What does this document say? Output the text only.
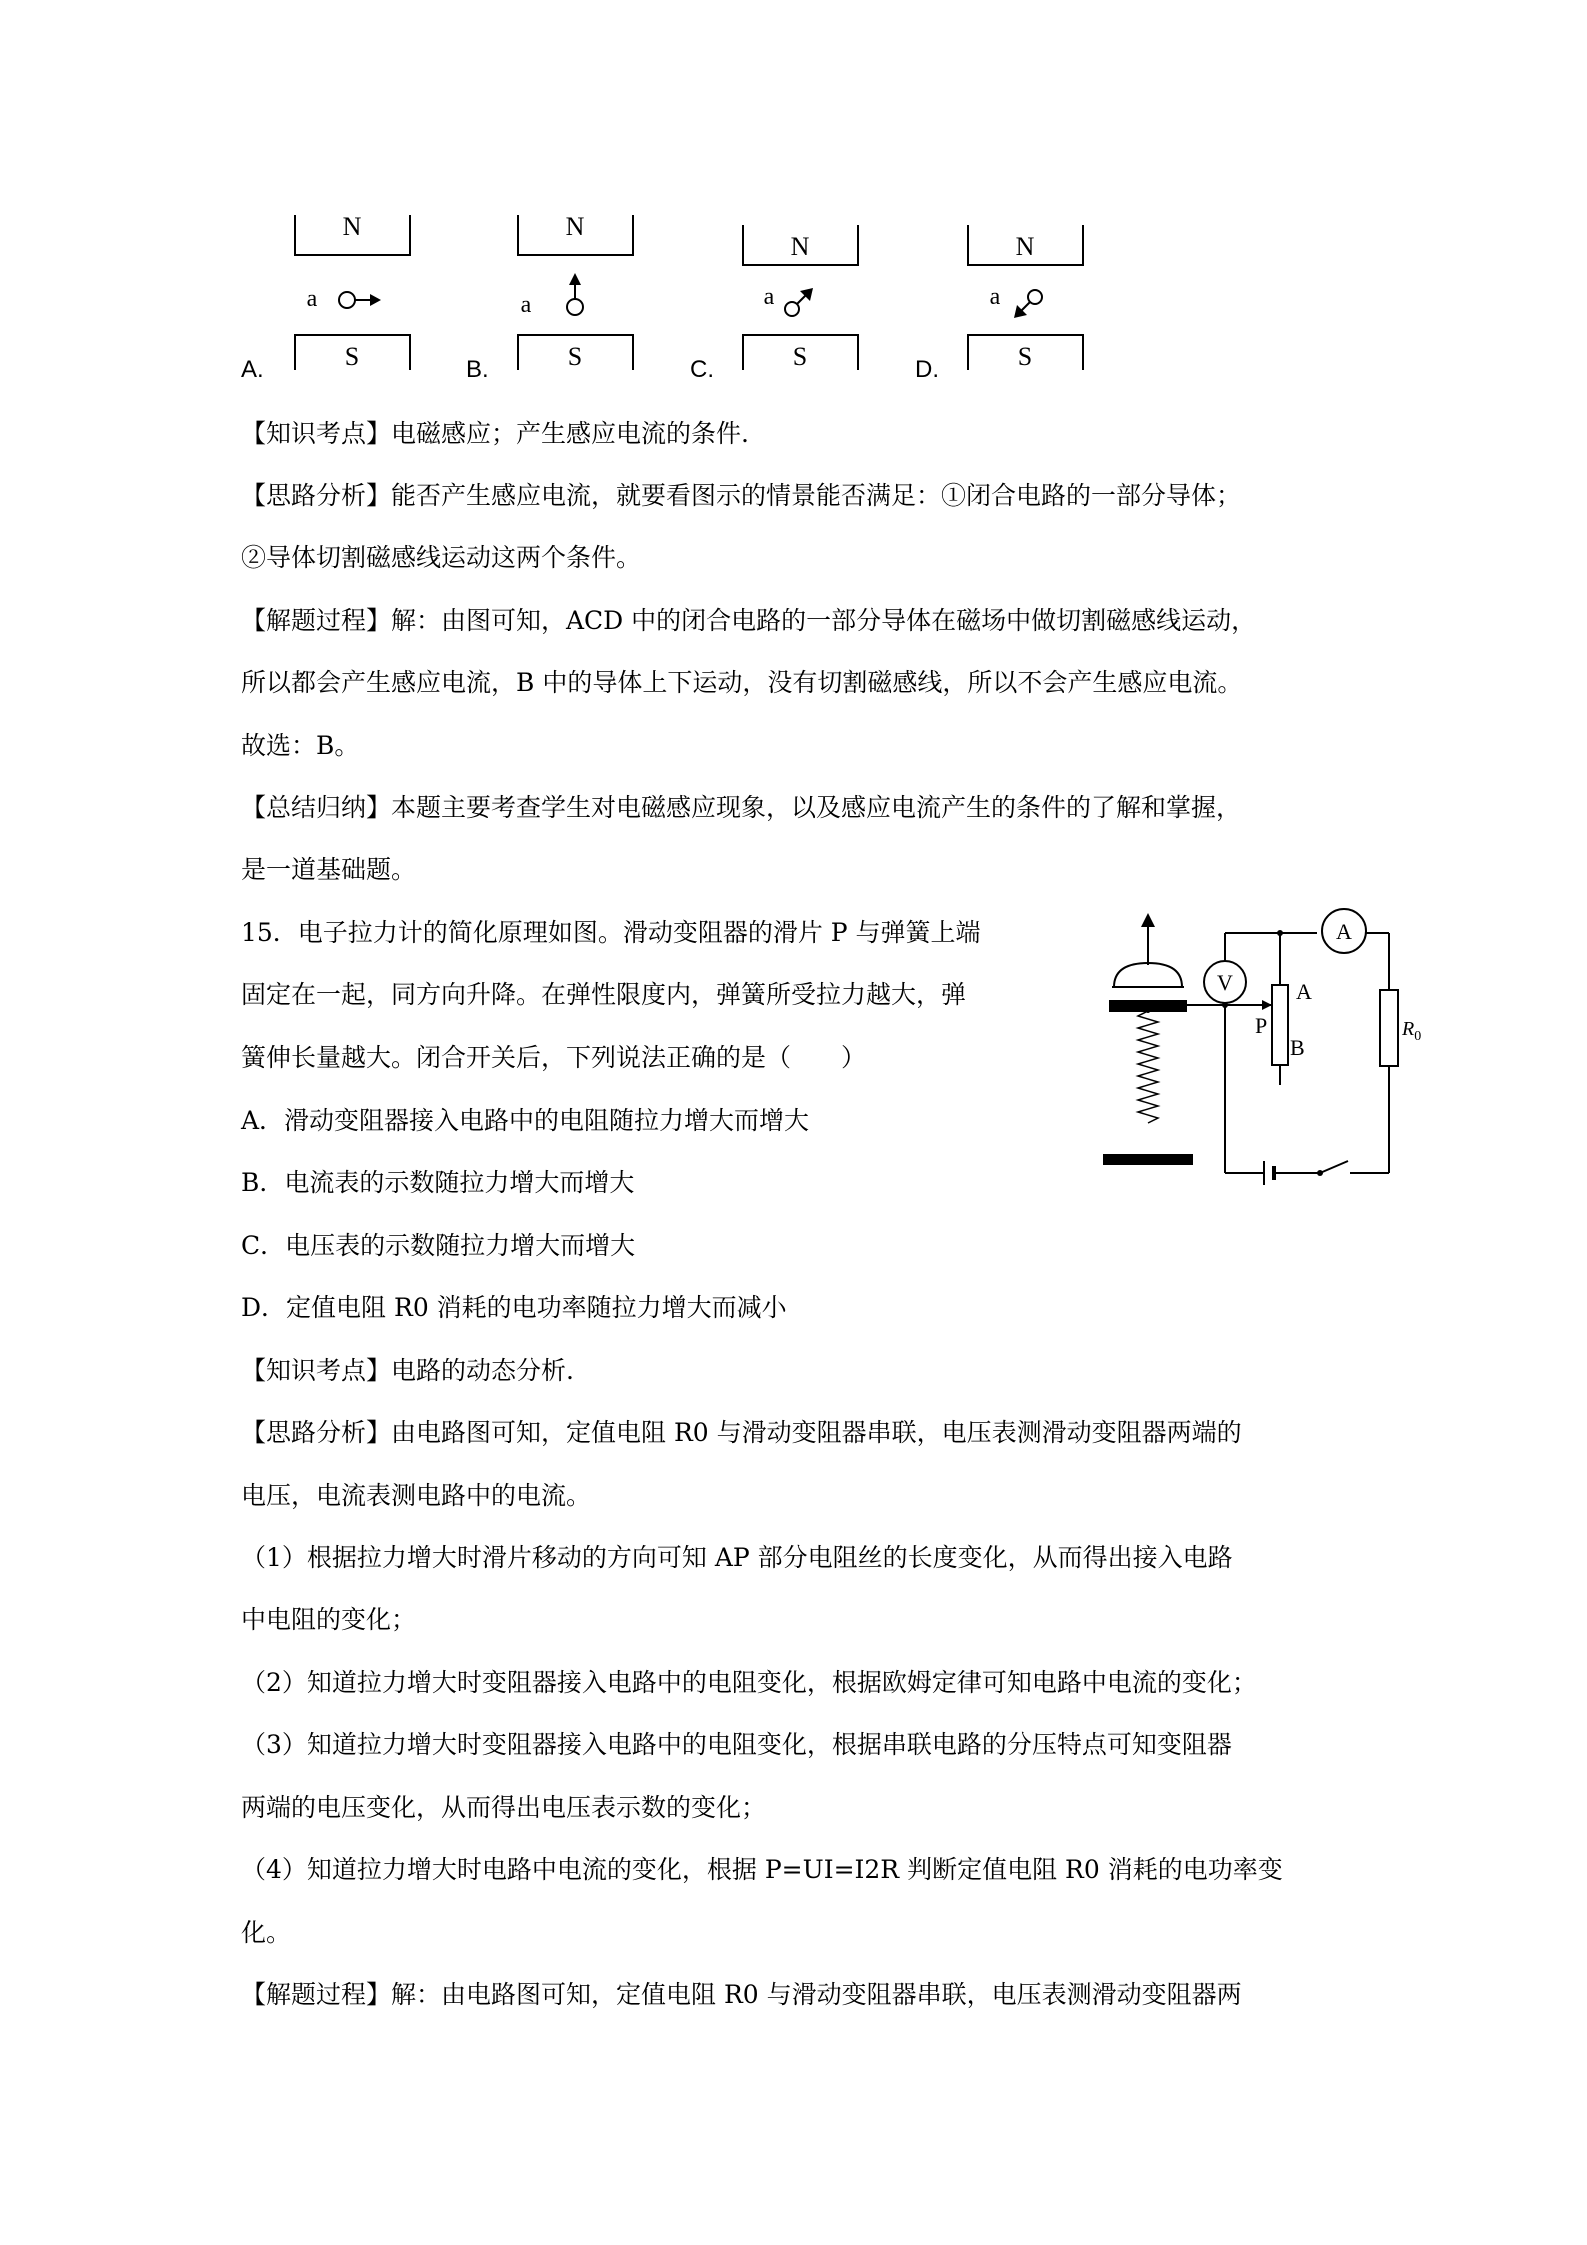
N
a
S
A.
N
a
S
B.
N
a
S
C.
N
a
S
D.
【知识考点】电磁感应；产生感应电流的条件.
【思路分析】能否产生感应电流，就要看图示的情景能否满足：①闭合电路的一部分导体；
②导体切割磁感线运动这两个条件。
【解题过程】解：由图可知，ACD 中的闭合电路的一部分导体在磁场中做切割磁感线运动，
所以都会产生感应电流，B 中的导体上下运动，没有切割磁感线，所以不会产生感应电流。
故选：B。
【总结归纳】本题主要考查学生对电磁感应现象，以及感应电流产生的条件的了解和掌握，
是一道基础题。
15．电子拉力计的简化原理如图。滑动变阻器的滑片 P 与弹簧上端
固定在一起，同方向升降。在弹性限度内，弹簧所受拉力越大，弹
簧伸长量越大。闭合开关后，下列说法正确的是（　　）
A
V	A
P
B
$R_0$
A．滑动变阻器接入电路中的电阻随拉力增大而增大
B．电流表的示数随拉力增大而增大
C．电压表的示数随拉力增大而增大
D．定值电阻 R0 消耗的电功率随拉力增大而减小
【知识考点】电路的动态分析.
【思路分析】由电路图可知，定值电阻 R0 与滑动变阻器串联，电压表测滑动变阻器两端的
电压，电流表测电路中的电流。
（1）根据拉力增大时滑片移动的方向可知 AP 部分电阻丝的长度变化，从而得出接入电路
中电阻的变化；
（2）知道拉力增大时变阻器接入电路中的电阻变化，根据欧姆定律可知电路中电流的变化；
（3）知道拉力增大时变阻器接入电路中的电阻变化，根据串联电路的分压特点可知变阻器
两端的电压变化，从而得出电压表示数的变化；
（4）知道拉力增大时电路中电流的变化，根据 P=UI=I2R 判断定值电阻 R0 消耗的电功率变
化。
【解题过程】解：由电路图可知，定值电阻 R0 与滑动变阻器串联，电压表测滑动变阻器两
